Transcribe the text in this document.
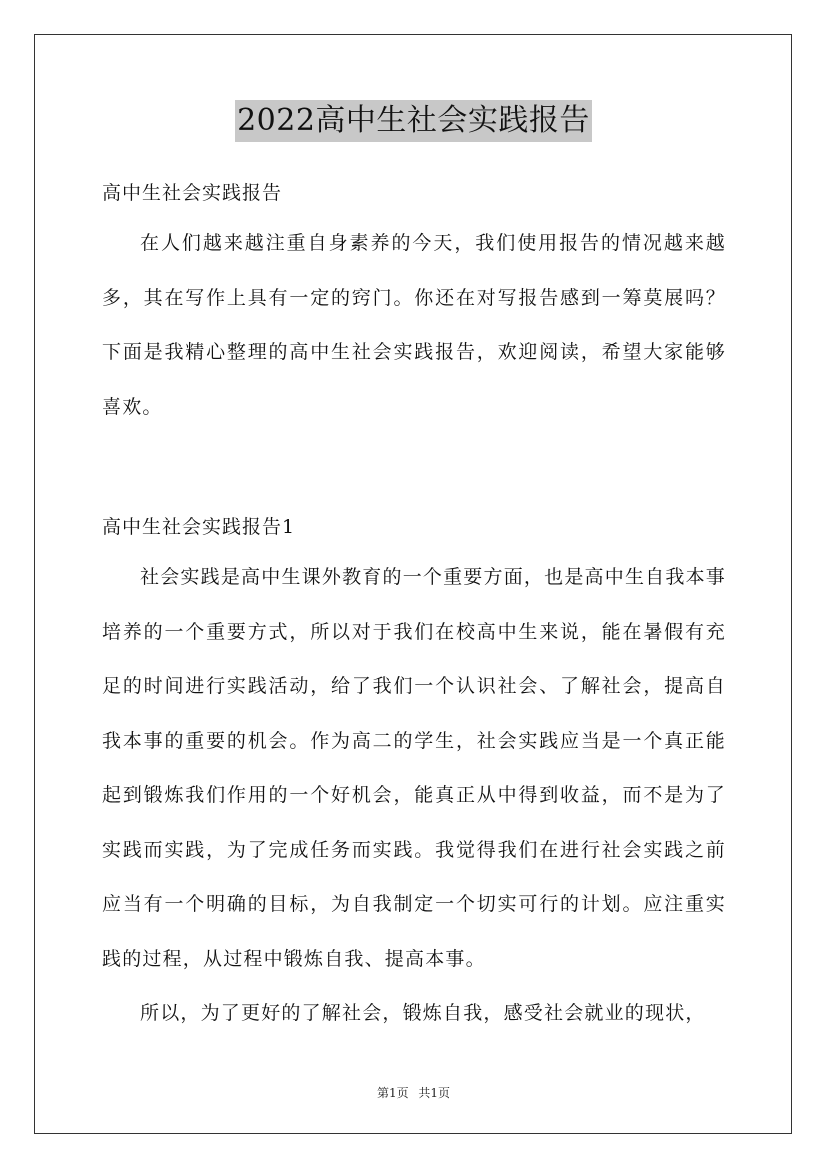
2022高中生社会实践报告

高中生社会实践报告

在人们越来越注重自身素养的今天，我们使用报告的情况越来越多，其在写作上具有一定的窍门。你还在对写报告感到一筹莫展吗？下面是我精心整理的高中生社会实践报告，欢迎阅读，希望大家能够喜欢。

高中生社会实践报告1

社会实践是高中生课外教育的一个重要方面，也是高中生自我本事培养的一个重要方式，所以对于我们在校高中生来说，能在暑假有充足的时间进行实践活动，给了我们一个认识社会、了解社会，提高自我本事的重要的机会。作为高二的学生，社会实践应当是一个真正能起到锻炼我们作用的一个好机会，能真正从中得到收益，而不是为了实践而实践，为了完成任务而实践。我觉得我们在进行社会实践之前应当有一个明确的目标，为自我制定一个切实可行的计划。应注重实践的过程，从过程中锻炼自我、提高本事。

所以，为了更好的了解社会，锻炼自我，感受社会就业的现状，

第1页 共1页
